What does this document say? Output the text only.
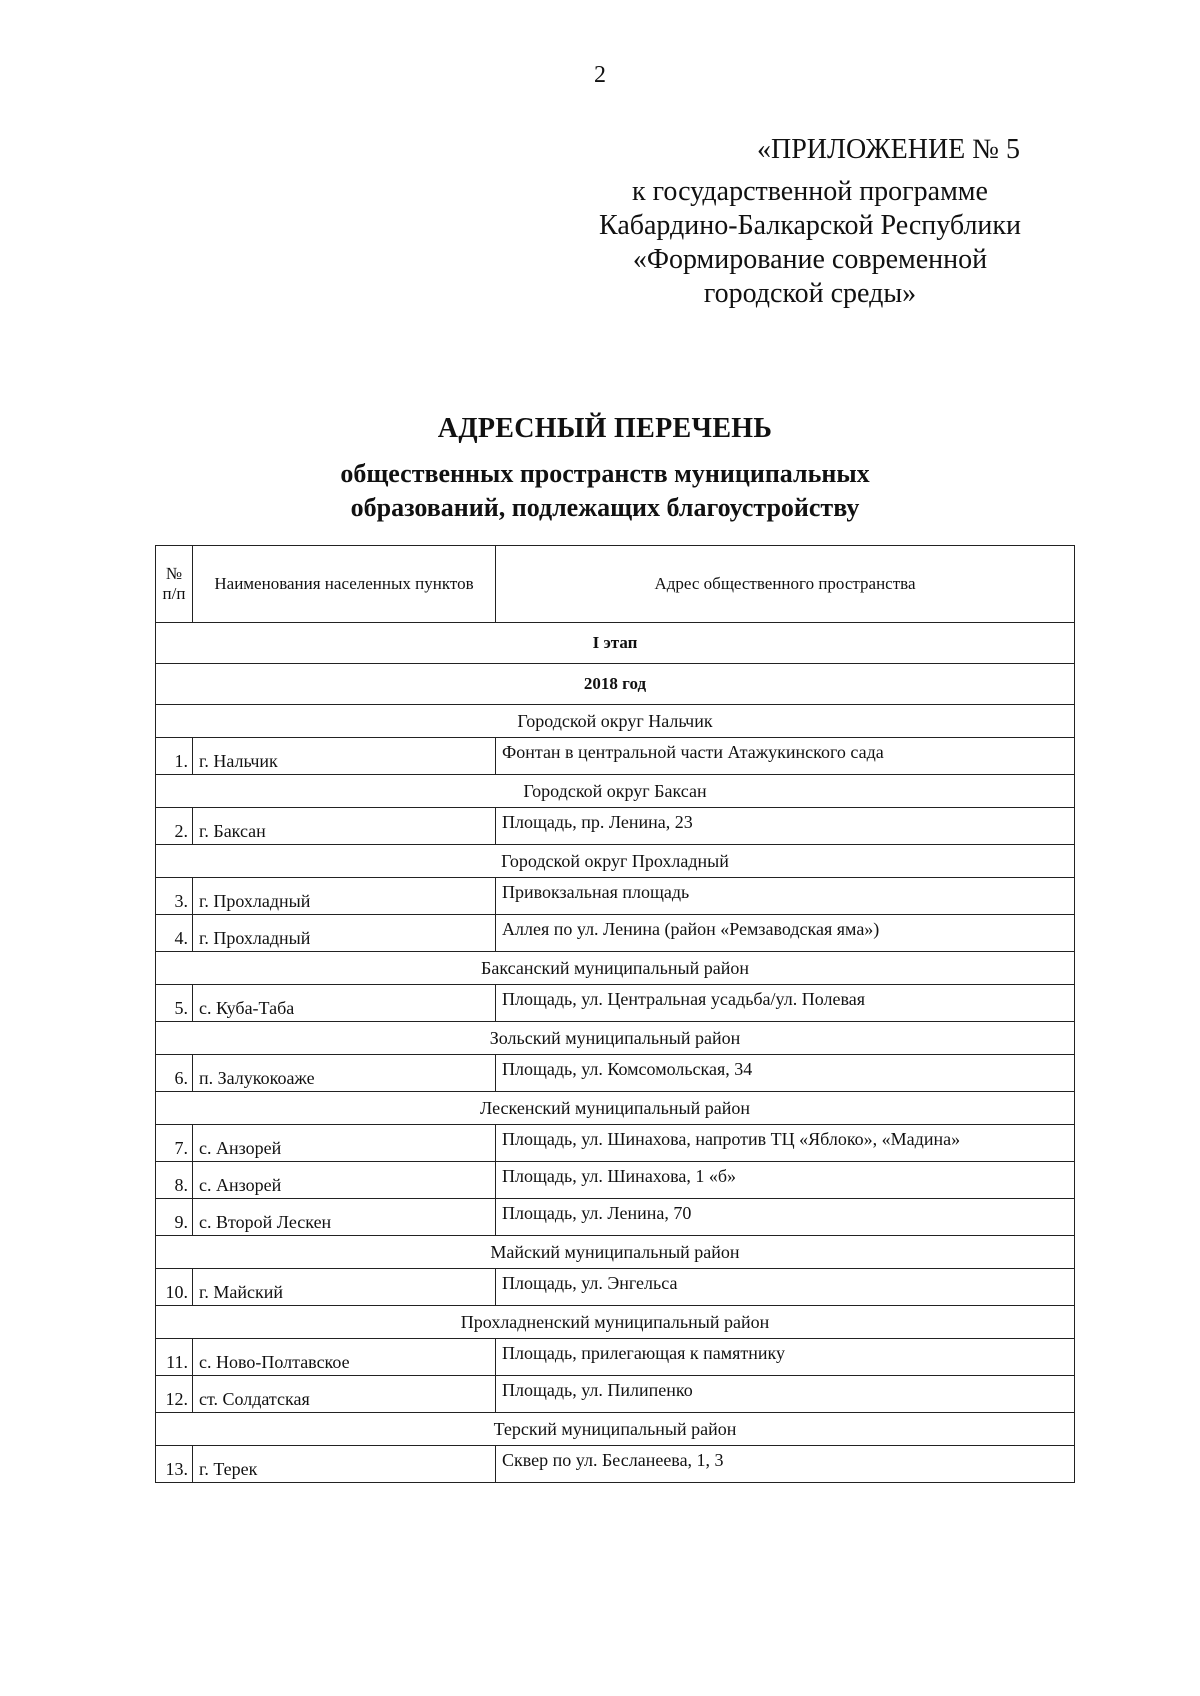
2
«ПРИЛОЖЕНИЕ № 5
к государственной программе
Кабардино-Балкарской Республики
«Формирование современной
городской среды»
АДРЕСНЫЙ ПЕРЕЧЕНЬ
общественных пространств муниципальных
образований, подлежащих благоустройству
№ п/п	Наименования населенных пунктов	Адрес общественного пространства
I этап		
2018 год		
Городской округ Нальчик		
1.	г. Нальчик	Фонтан в центральной части Атажукинского сада
Городской округ Баксан		
2.	г. Баксан	Площадь, пр. Ленина, 23
Городской округ Прохладный		
3.	г. Прохладный	Привокзальная площадь
4.	г. Прохладный	Аллея по ул. Ленина (район «Ремзаводская яма»)
Баксанский муниципальный район		
5.	с. Куба-Таба	Площадь, ул. Центральная усадьба/ул. Полевая
Зольский муниципальный район		
6.	п. Залукокоаже	Площадь, ул. Комсомольская, 34
Лескенский муниципальный район		
7.	с. Анзорей	Площадь, ул. Шинахова, напротив ТЦ «Яблоко», «Мадина»
8.	с. Анзорей	Площадь, ул. Шинахова, 1 «б»
9.	с. Второй Лескен	Площадь, ул. Ленина, 70
Майский муниципальный район		
10.	г. Майский	Площадь, ул. Энгельса
Прохладненский муниципальный район		
11.	с. Ново-Полтавское	Площадь, прилегающая к памятнику
12.	ст. Солдатская	Площадь, ул. Пилипенко
Терский муниципальный район		
13.	г. Терек	Сквер по ул. Бесланеева, 1, 3
